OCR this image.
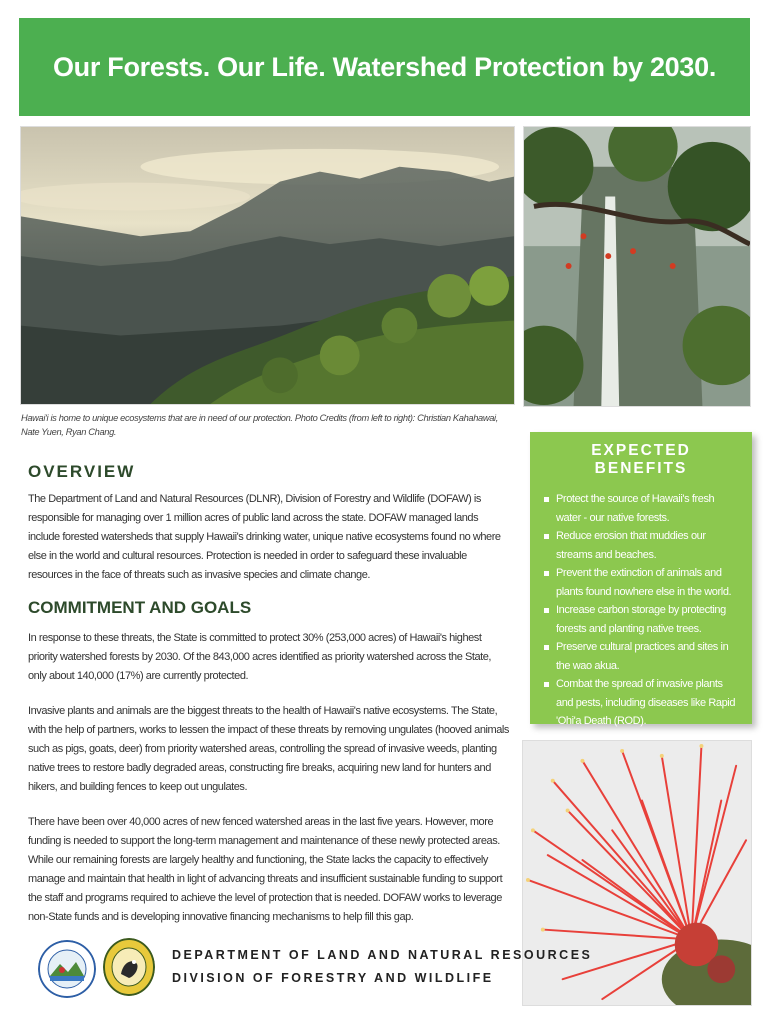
Our Forests. Our Life. Watershed Protection by 2030.
Hawai'i is home to unique ecosystems that are in need of our protection. Photo Credits (from left to right): Christian Kahahawai, Nate Yuen, Ryan Chang.
OVERVIEW
The Department of Land and Natural Resources (DLNR), Division of Forestry and Wildlife (DOFAW) is responsible for managing over 1 million acres of public land across the state. DOFAW managed lands include forested watersheds that supply Hawaii's drinking water, unique native ecosystems found no where else in the world and cultural resources. Protection is needed in order to safeguard these invaluable resources in the face of threats such as invasive species and climate change.
COMMITMENT AND GOALS
In response to these threats, the State is committed to protect 30% (253,000 acres) of Hawaii's highest priority watershed forests by 2030. Of the 843,000 acres identified as priority watershed across the State, only about 140,000 (17%) are currently protected.
Invasive plants and animals are the biggest threats to the health of Hawaii's native ecosystems. The State, with the help of partners, works to lessen the impact of these threats by removing ungulates (hooved animals such as pigs, goats, deer) from priority watershed areas, controlling the spread of invasive weeds, planting native trees to restore badly degraded areas, constructing fire breaks, acquiring new land for hunters and hikers, and building fences to keep out ungulates.
There have been over 40,000 acres of new fenced watershed areas in the last five years. However, more funding is needed to support the long-term management and maintenance of these newly protected areas. While our remaining forests are largely healthy and functioning, the State lacks the capacity to effectively manage and maintain that health in light of advancing threats and insufficient sustainable funding to support the staff and programs required to achieve the level of protection that is needed. DOFAW works to leverage non-State funds and is developing innovative financing mechanisms to help fill this gap.
EXPECTED BENEFITS
Protect the source of Hawaii's fresh water - our native forests.
Reduce erosion that muddies our streams and beaches.
Prevent the extinction of animals and plants found nowhere else in the world.
Increase carbon storage by protecting forests and planting native trees.
Preserve cultural practices and sites in the wao akua.
Combat the spread of invasive plants and pests, including diseases like Rapid 'Ohi'a Death (ROD).
DEPARTMENT OF LAND AND NATURAL RESOURCES
DIVISION OF FORESTRY AND WILDLIFE
